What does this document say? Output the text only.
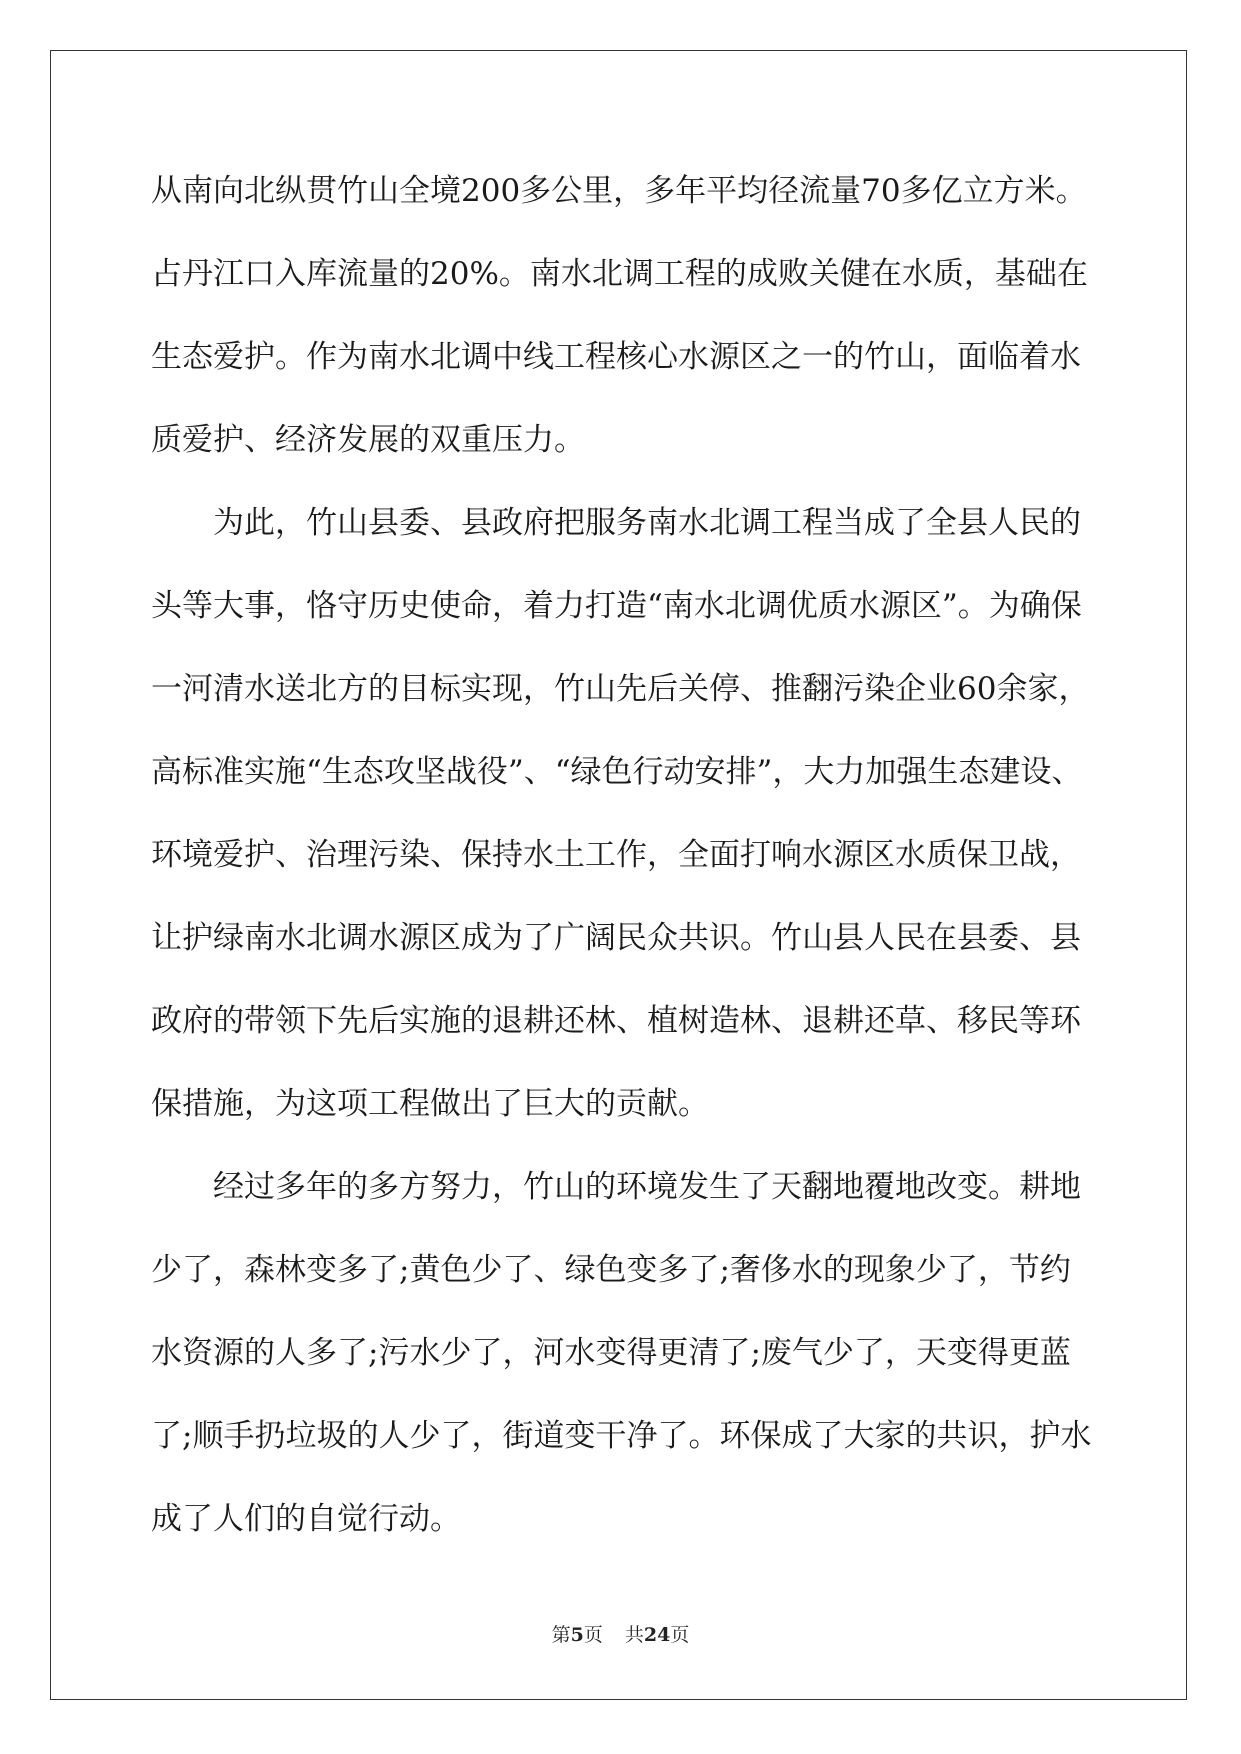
从南向北纵贯竹山全境200多公里，多年平均径流量70多亿立方米。
占丹江口入库流量的20%。南水北调工程的成败关健在水质，基础在
生态爱护。作为南水北调中线工程核心水源区之一的竹山，面临着水
质爱护、经济发展的双重压力。
为此，竹山县委、县政府把服务南水北调工程当成了全县人民的
头等大事，恪守历史使命，着力打造“南水北调优质水源区”。为确保
一河清水送北方的目标实现，竹山先后关停、推翻污染企业60余家，
高标准实施“生态攻坚战役”、“绿色行动安排”，大力加强生态建设、
环境爱护、治理污染、保持水土工作，全面打响水源区水质保卫战，
让护绿南水北调水源区成为了广阔民众共识。竹山县人民在县委、县
政府的带领下先后实施的退耕还林、植树造林、退耕还草、移民等环
保措施，为这项工程做出了巨大的贡献。
经过多年的多方努力，竹山的环境发生了天翻地覆地改变。耕地
少了，森林变多了;黄色少了、绿色变多了;奢侈水的现象少了，节约
水资源的人多了;污水少了，河水变得更清了;废气少了，天变得更蓝
了;顺手扔垃圾的人少了，街道变干净了。环保成了大家的共识，护水
成了人们的自觉行动。
第5页 共24页
